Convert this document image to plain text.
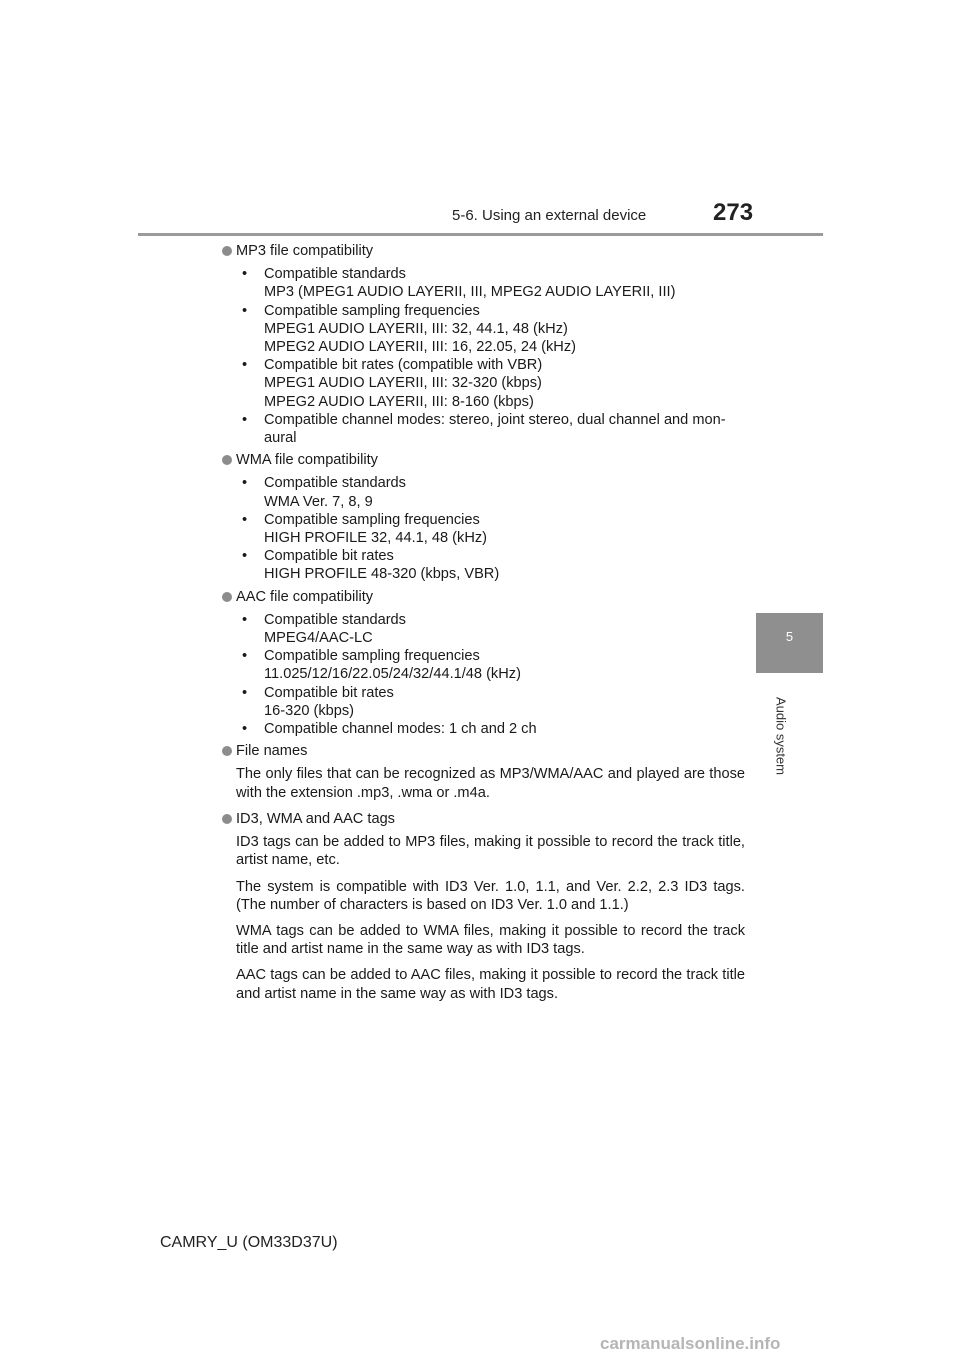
5-6. Using an external device	273
5
Audio system
MP3 file compatibility
• Compatible standards
MP3 (MPEG1 AUDIO LAYERII, III, MPEG2 AUDIO LAYERII, III)
• Compatible sampling frequencies
MPEG1 AUDIO LAYERII, III: 32, 44.1, 48 (kHz)
MPEG2 AUDIO LAYERII, III: 16, 22.05, 24 (kHz)
• Compatible bit rates (compatible with VBR)
MPEG1 AUDIO LAYERII, III: 32-320 (kbps)
MPEG2 AUDIO LAYERII, III: 8-160 (kbps)
• Compatible channel modes: stereo, joint stereo, dual channel and mon-
aural
WMA file compatibility
• Compatible standards
WMA Ver. 7, 8, 9
• Compatible sampling frequencies
HIGH PROFILE 32, 44.1, 48 (kHz)
• Compatible bit rates
HIGH PROFILE 48-320 (kbps, VBR)
AAC file compatibility
• Compatible standards
MPEG4/AAC-LC
• Compatible sampling frequencies
11.025/12/16/22.05/24/32/44.1/48 (kHz)
• Compatible bit rates
16-320 (kbps)
• Compatible channel modes: 1 ch and 2 ch
File names
The only files that can be recognized as MP3/WMA/AAC and played are those with the extension .mp3, .wma or .m4a.
ID3, WMA and AAC tags
ID3 tags can be added to MP3 files, making it possible to record the track title, artist name, etc.
The system is compatible with ID3 Ver. 1.0, 1.1, and Ver. 2.2, 2.3 ID3 tags. (The number of characters is based on ID3 Ver. 1.0 and 1.1.)
WMA tags can be added to WMA files, making it possible to record the track title and artist name in the same way as with ID3 tags.
AAC tags can be added to AAC files, making it possible to record the track title and artist name in the same way as with ID3 tags.
CAMRY_U (OM33D37U)
carmanualsonline.info
